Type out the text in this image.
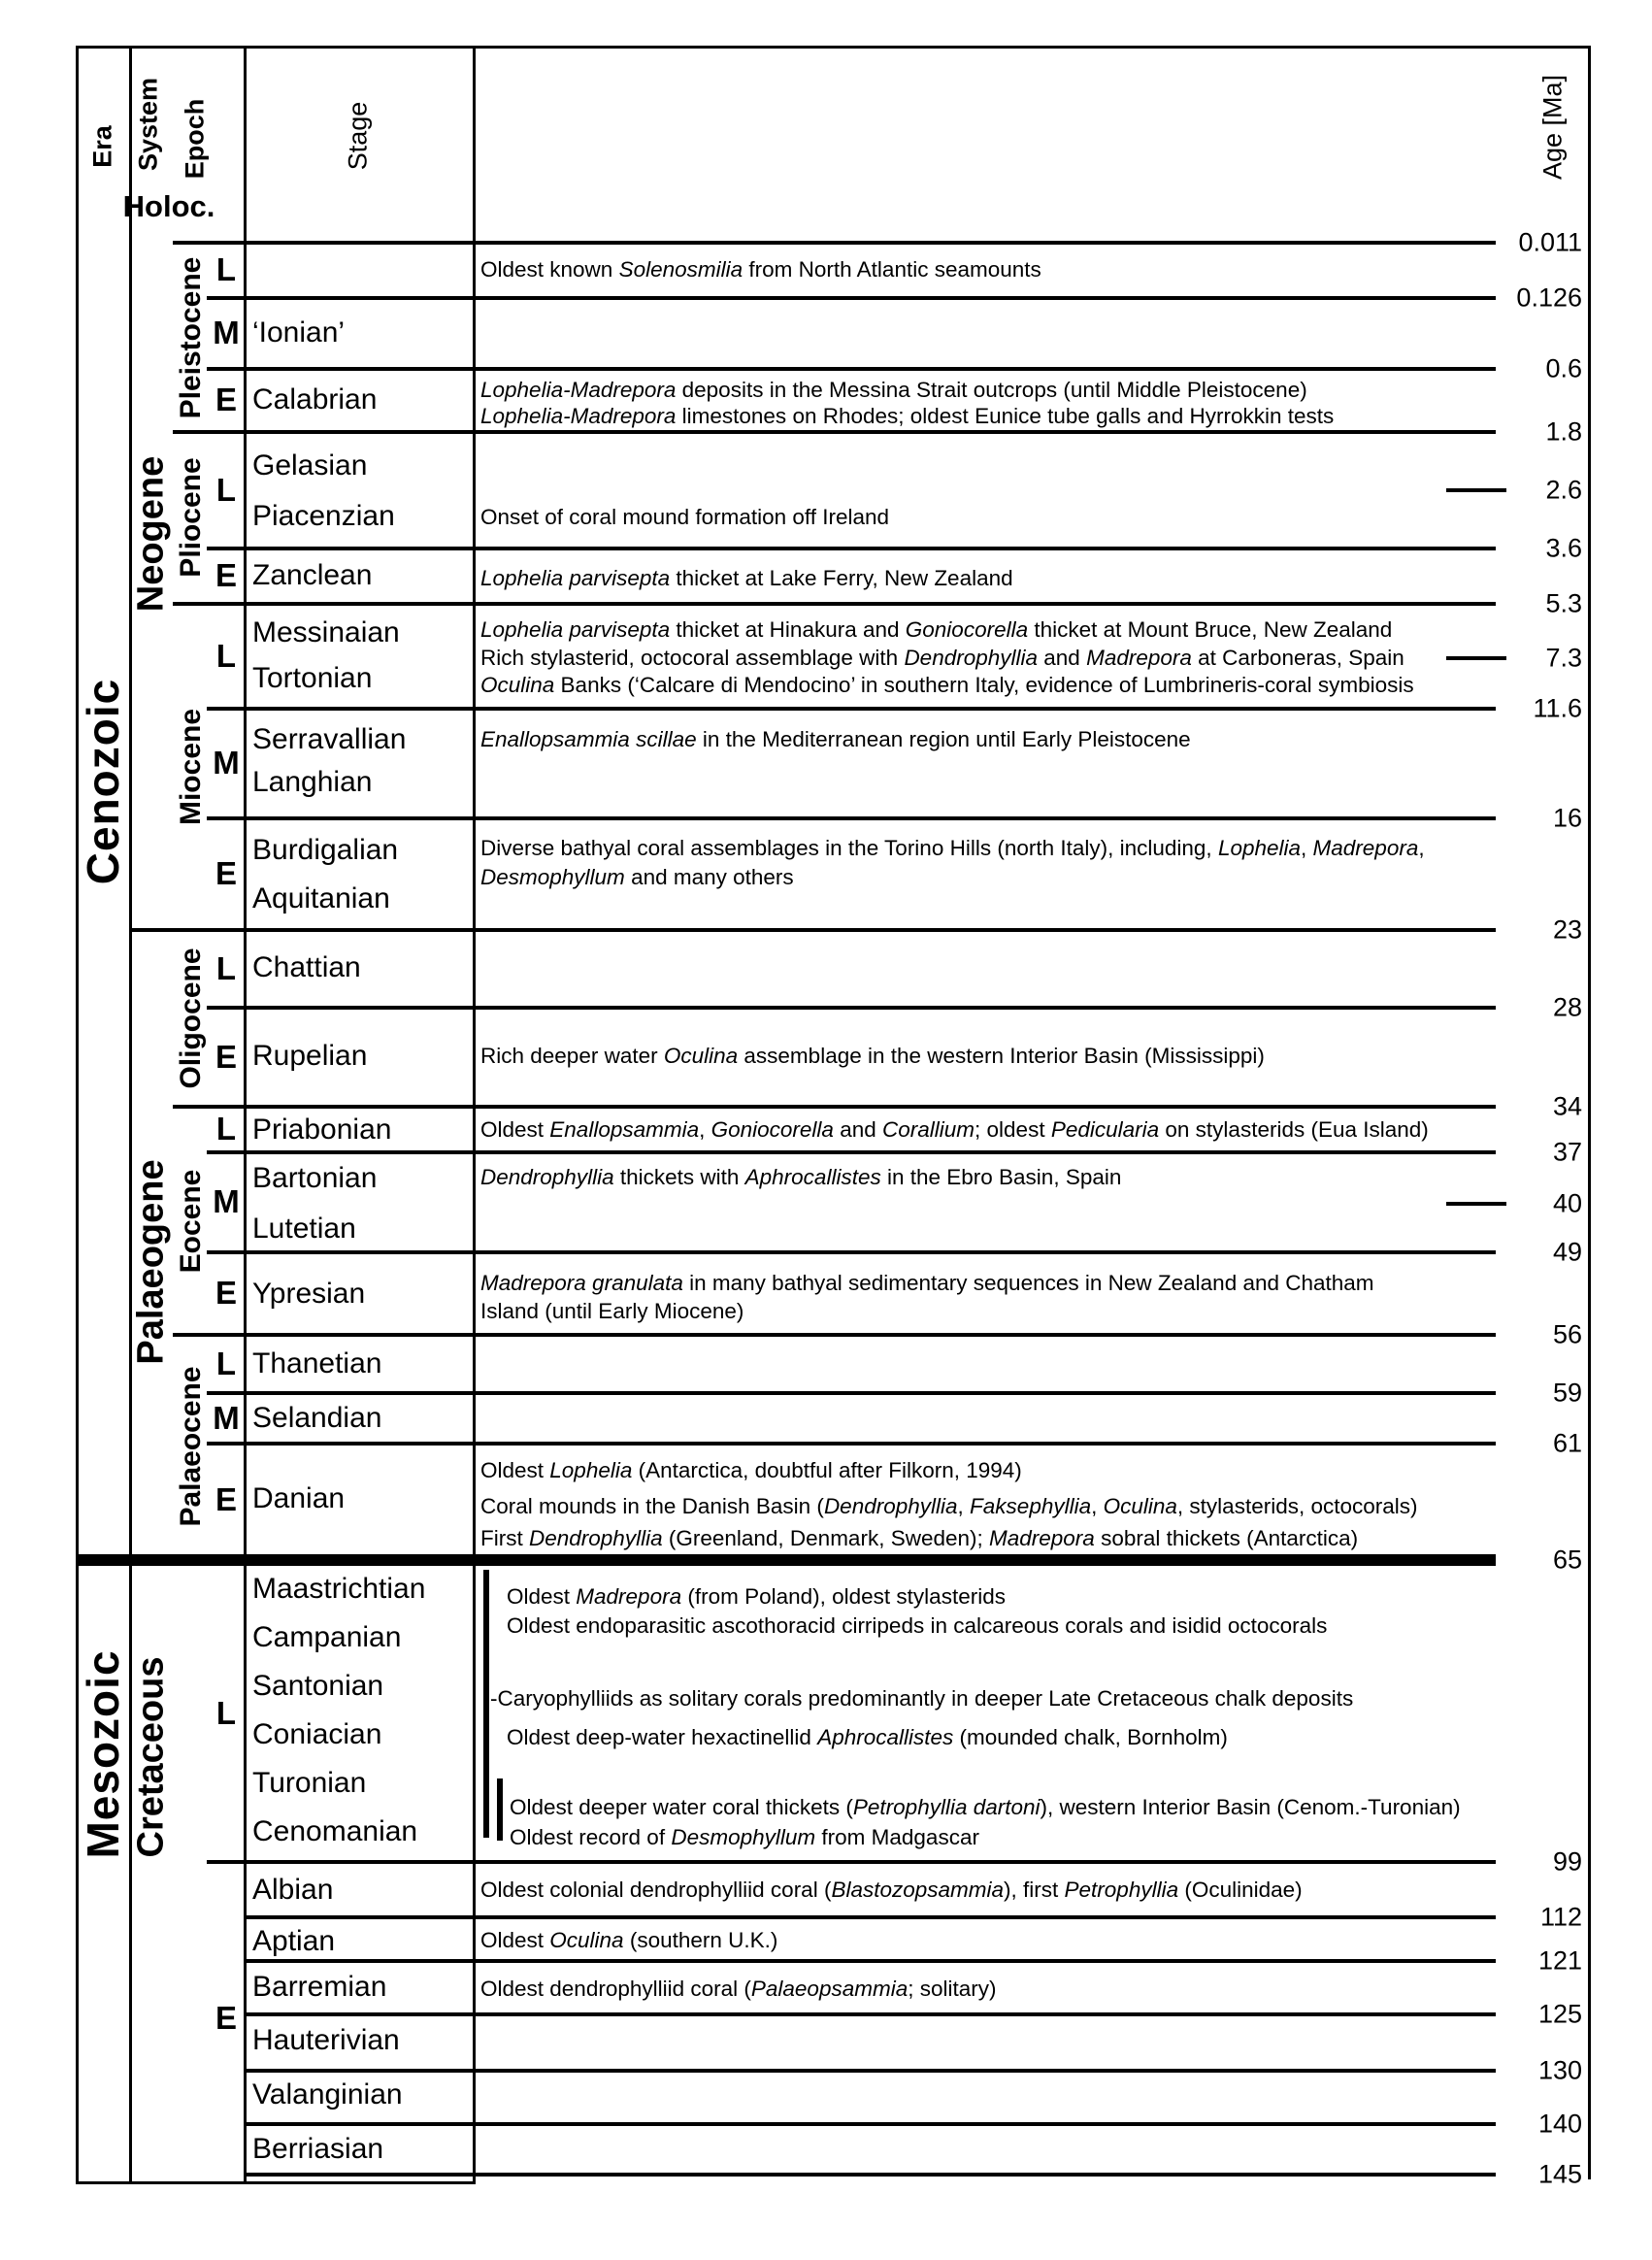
Era System Epoch	Stage	Age [Ma]
Holoc.
Cenozoic
Mesozoic
Neogene
Palaeogene
Cretaceous
Pleistocene
Pliocene
Miocene
Oligocene
Eocene
Palaeocene
L
M
E
L
E
L
M
E
L
E
L
M
E
L
M
E
L
E
‘Ionian’
Calabrian
Gelasian
Piacenzian
Zanclean
Messinaian
Tortonian
Serravallian
Langhian
Burdigalian
Aquitanian
Chattian
Rupelian
Priabonian
Bartonian
Lutetian
Ypresian
Thanetian
Selandian
Danian
Maastrichtian
Campanian
Santonian
Coniacian
Turonian
Cenomanian
Albian
Aptian
Barremian
Hauterivian
Valanginian
Berriasian
Oldest known Solenosmilia from North Atlantic seamounts
Lophelia-Madrepora deposits in the Messina Strait outcrops (until Middle Pleistocene)
Lophelia-Madrepora limestones on Rhodes; oldest Eunice tube galls and Hyrrokkin tests
Onset of coral mound formation off Ireland
Lophelia parvisepta thicket at Lake Ferry, New Zealand
Lophelia parvisepta thicket at Hinakura and Goniocorella thicket at Mount Bruce, New Zealand
Rich stylasterid, octocoral assemblage with Dendrophyllia and Madrepora at Carboneras, Spain
Oculina Banks (‘Calcare di Mendocino’ in southern Italy, evidence of Lumbrineris-coral symbiosis
Enallopsammia scillae in the Mediterranean region until Early Pleistocene
Diverse bathyal coral assemblages in the Torino Hills (north Italy), including, Lophelia, Madrepora,
Desmophyllum and many others
Rich deeper water Oculina assemblage in the western Interior Basin (Mississippi)
Oldest Enallopsammia, Goniocorella and Corallium; oldest Pedicularia on stylasterids (Eua Island)
Dendrophyllia thickets with Aphrocallistes in the Ebro Basin, Spain
Madrepora granulata in many bathyal sedimentary sequences in New Zealand and Chatham
Island (until Early Miocene)
Oldest Lophelia (Antarctica, doubtful after Filkorn, 1994)
Coral mounds in the Danish Basin (Dendrophyllia, Faksephyllia, Oculina, stylasterids, octocorals)
First Dendrophyllia (Greenland, Denmark, Sweden); Madrepora sobral thickets (Antarctica)
Oldest Madrepora (from Poland), oldest stylasterids
Oldest endoparasitic ascothoracid cirripeds in calcareous corals and isidid octocorals
-Caryophylliids as solitary corals predominantly in deeper Late Cretaceous chalk deposits
Oldest deep-water hexactinellid Aphrocallistes (mounded chalk, Bornholm)
Oldest deeper water coral thickets (Petrophyllia dartoni), western Interior Basin (Cenom.-Turonian)
Oldest record of Desmophyllum from Madgascar
Oldest colonial dendrophylliid coral (Blastozopsammia), first Petrophyllia (Oculinidae)
Oldest Oculina (southern U.K.)
Oldest dendrophylliid coral (Palaeopsammia; solitary)
0.011
0.126
0.6
1.8
2.6
3.6
5.3
7.3
11.6
16
23
28
34
37
40
49
56
59
61
65
99
112
121
125
130
140
145
